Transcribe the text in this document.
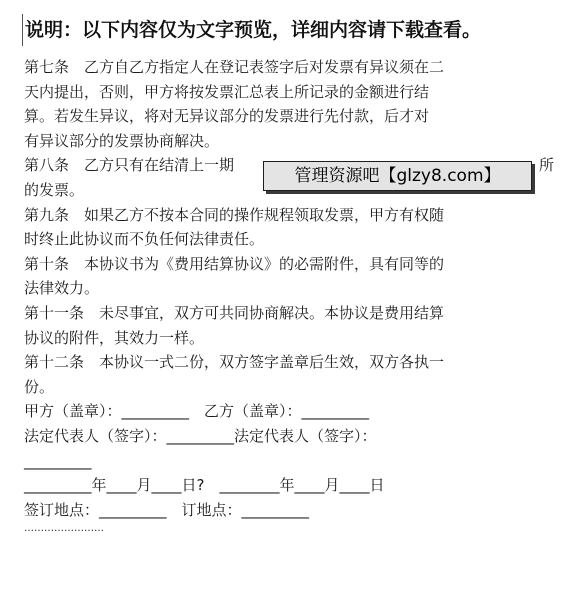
说明：以下内容仅为文字预览，详细内容请下载查看。
第七条　乙方自乙方指定人在登记表签字后对发票有异议须在二
天内提出，否则，甲方将按发票汇总表上所记录的金额进行结
算。若发生异议，将对无异议部分的发票进行先付款，后才对
有异议部分的发票协商解决。
第八条　乙方只有在结清上一期	所
的发票。
第九条　如果乙方不按本合同的操作规程领取发票，甲方有权随
时终止此协议而不负任何法律责任。
第十条　本协议书为《费用结算协议》的必需附件，具有同等的
法律效力。
第十一条　未尽事宜，双方可共同协商解决。本协议是费用结算
协议的附件，其效力一样。
第十二条　本协议一式二份，双方签字盖章后生效，双方各执一
份。
甲方（盖章）：_________　乙方（盖章）：_________
法定代表人（签字）：_________法定代表人（签字）：
_________
_________年____月____日?　________年____月____日
签订地点：_________　订地点：_________
……………………
管理资源吧【glzy8.com】
